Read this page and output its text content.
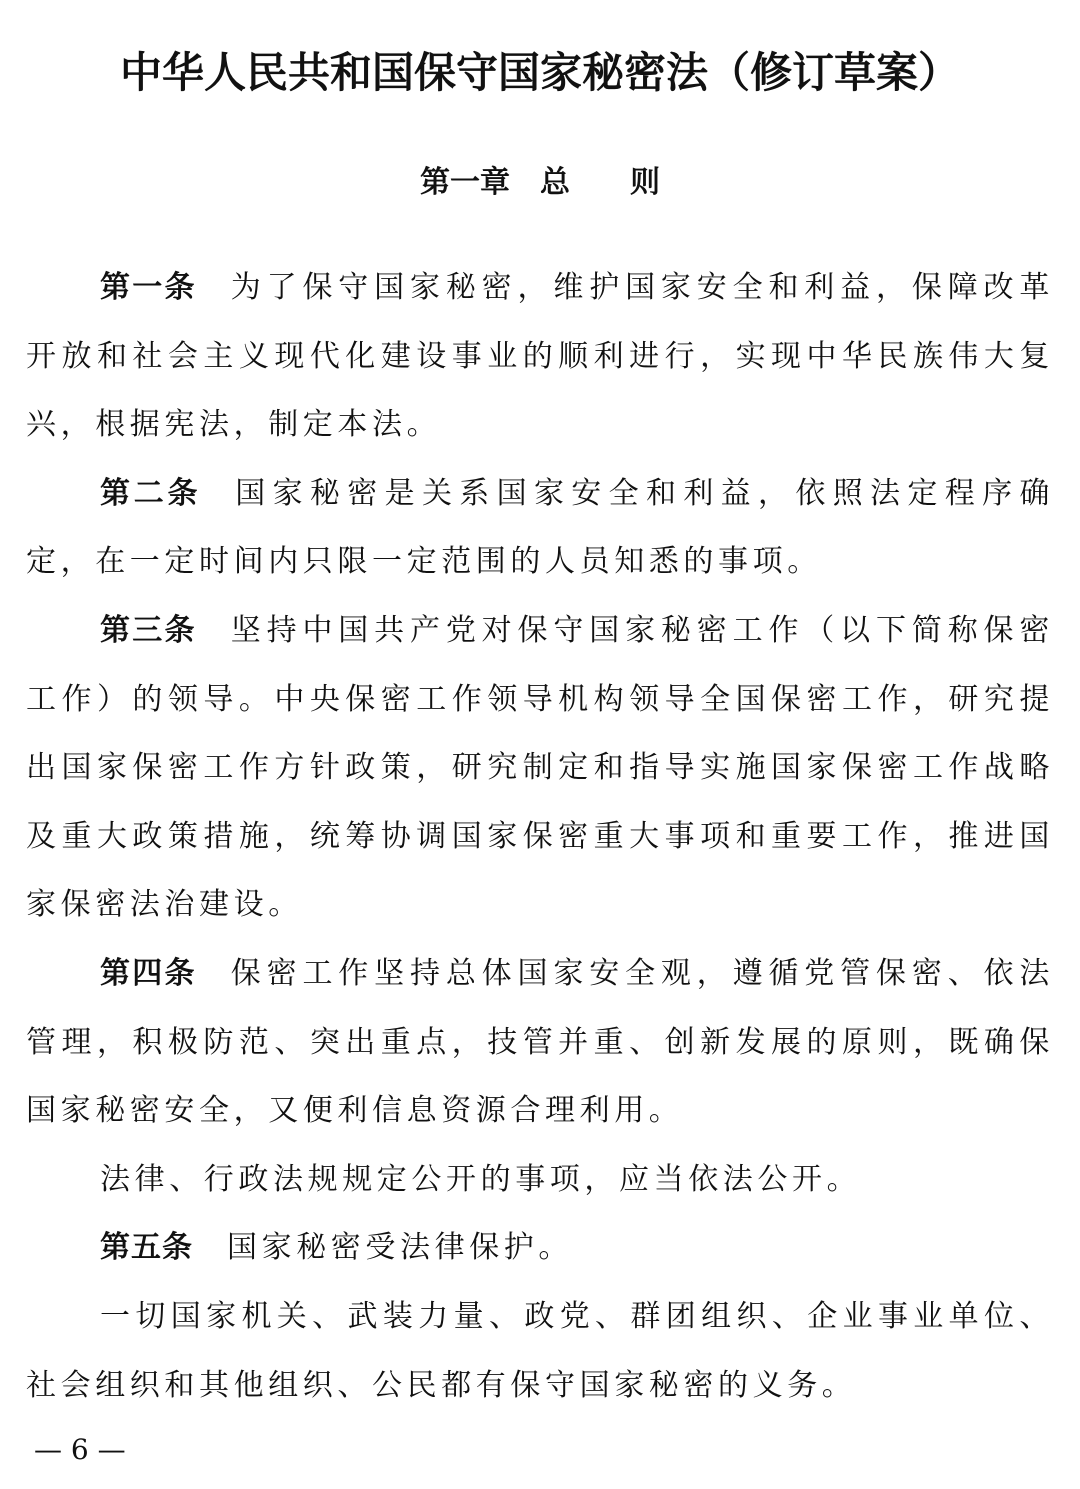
中华人民共和国保守国家秘密法（修订草案）
第一章　总　　则

第一条 为了保守国家秘密，维护国家安全和利益，保障改革开放和社会主义现代化建设事业的顺利进行，实现中华民族伟大复兴，根据宪法，制定本法。

第二条 国家秘密是关系国家安全和利益，依照法定程序确定，在一定时间内只限一定范围的人员知悉的事项。

第三条 坚持中国共产党对保守国家秘密工作（以下简称保密工作）的领导。中央保密工作领导机构领导全国保密工作，研究提出国家保密工作方针政策，研究制定和指导实施国家保密工作战略及重大政策措施，统筹协调国家保密重大事项和重要工作，推进国家保密法治建设。

第四条 保密工作坚持总体国家安全观，遵循党管保密、依法管理，积极防范、突出重点，技管并重、创新发展的原则，既确保国家秘密安全，又便利信息资源合理利用。

法律、行政法规规定公开的事项，应当依法公开。

第五条 国家秘密受法律保护。

一切国家机关、武装力量、政党、群团组织、企业事业单位、社会组织和其他组织、公民都有保守国家秘密的义务。

— 6 —
